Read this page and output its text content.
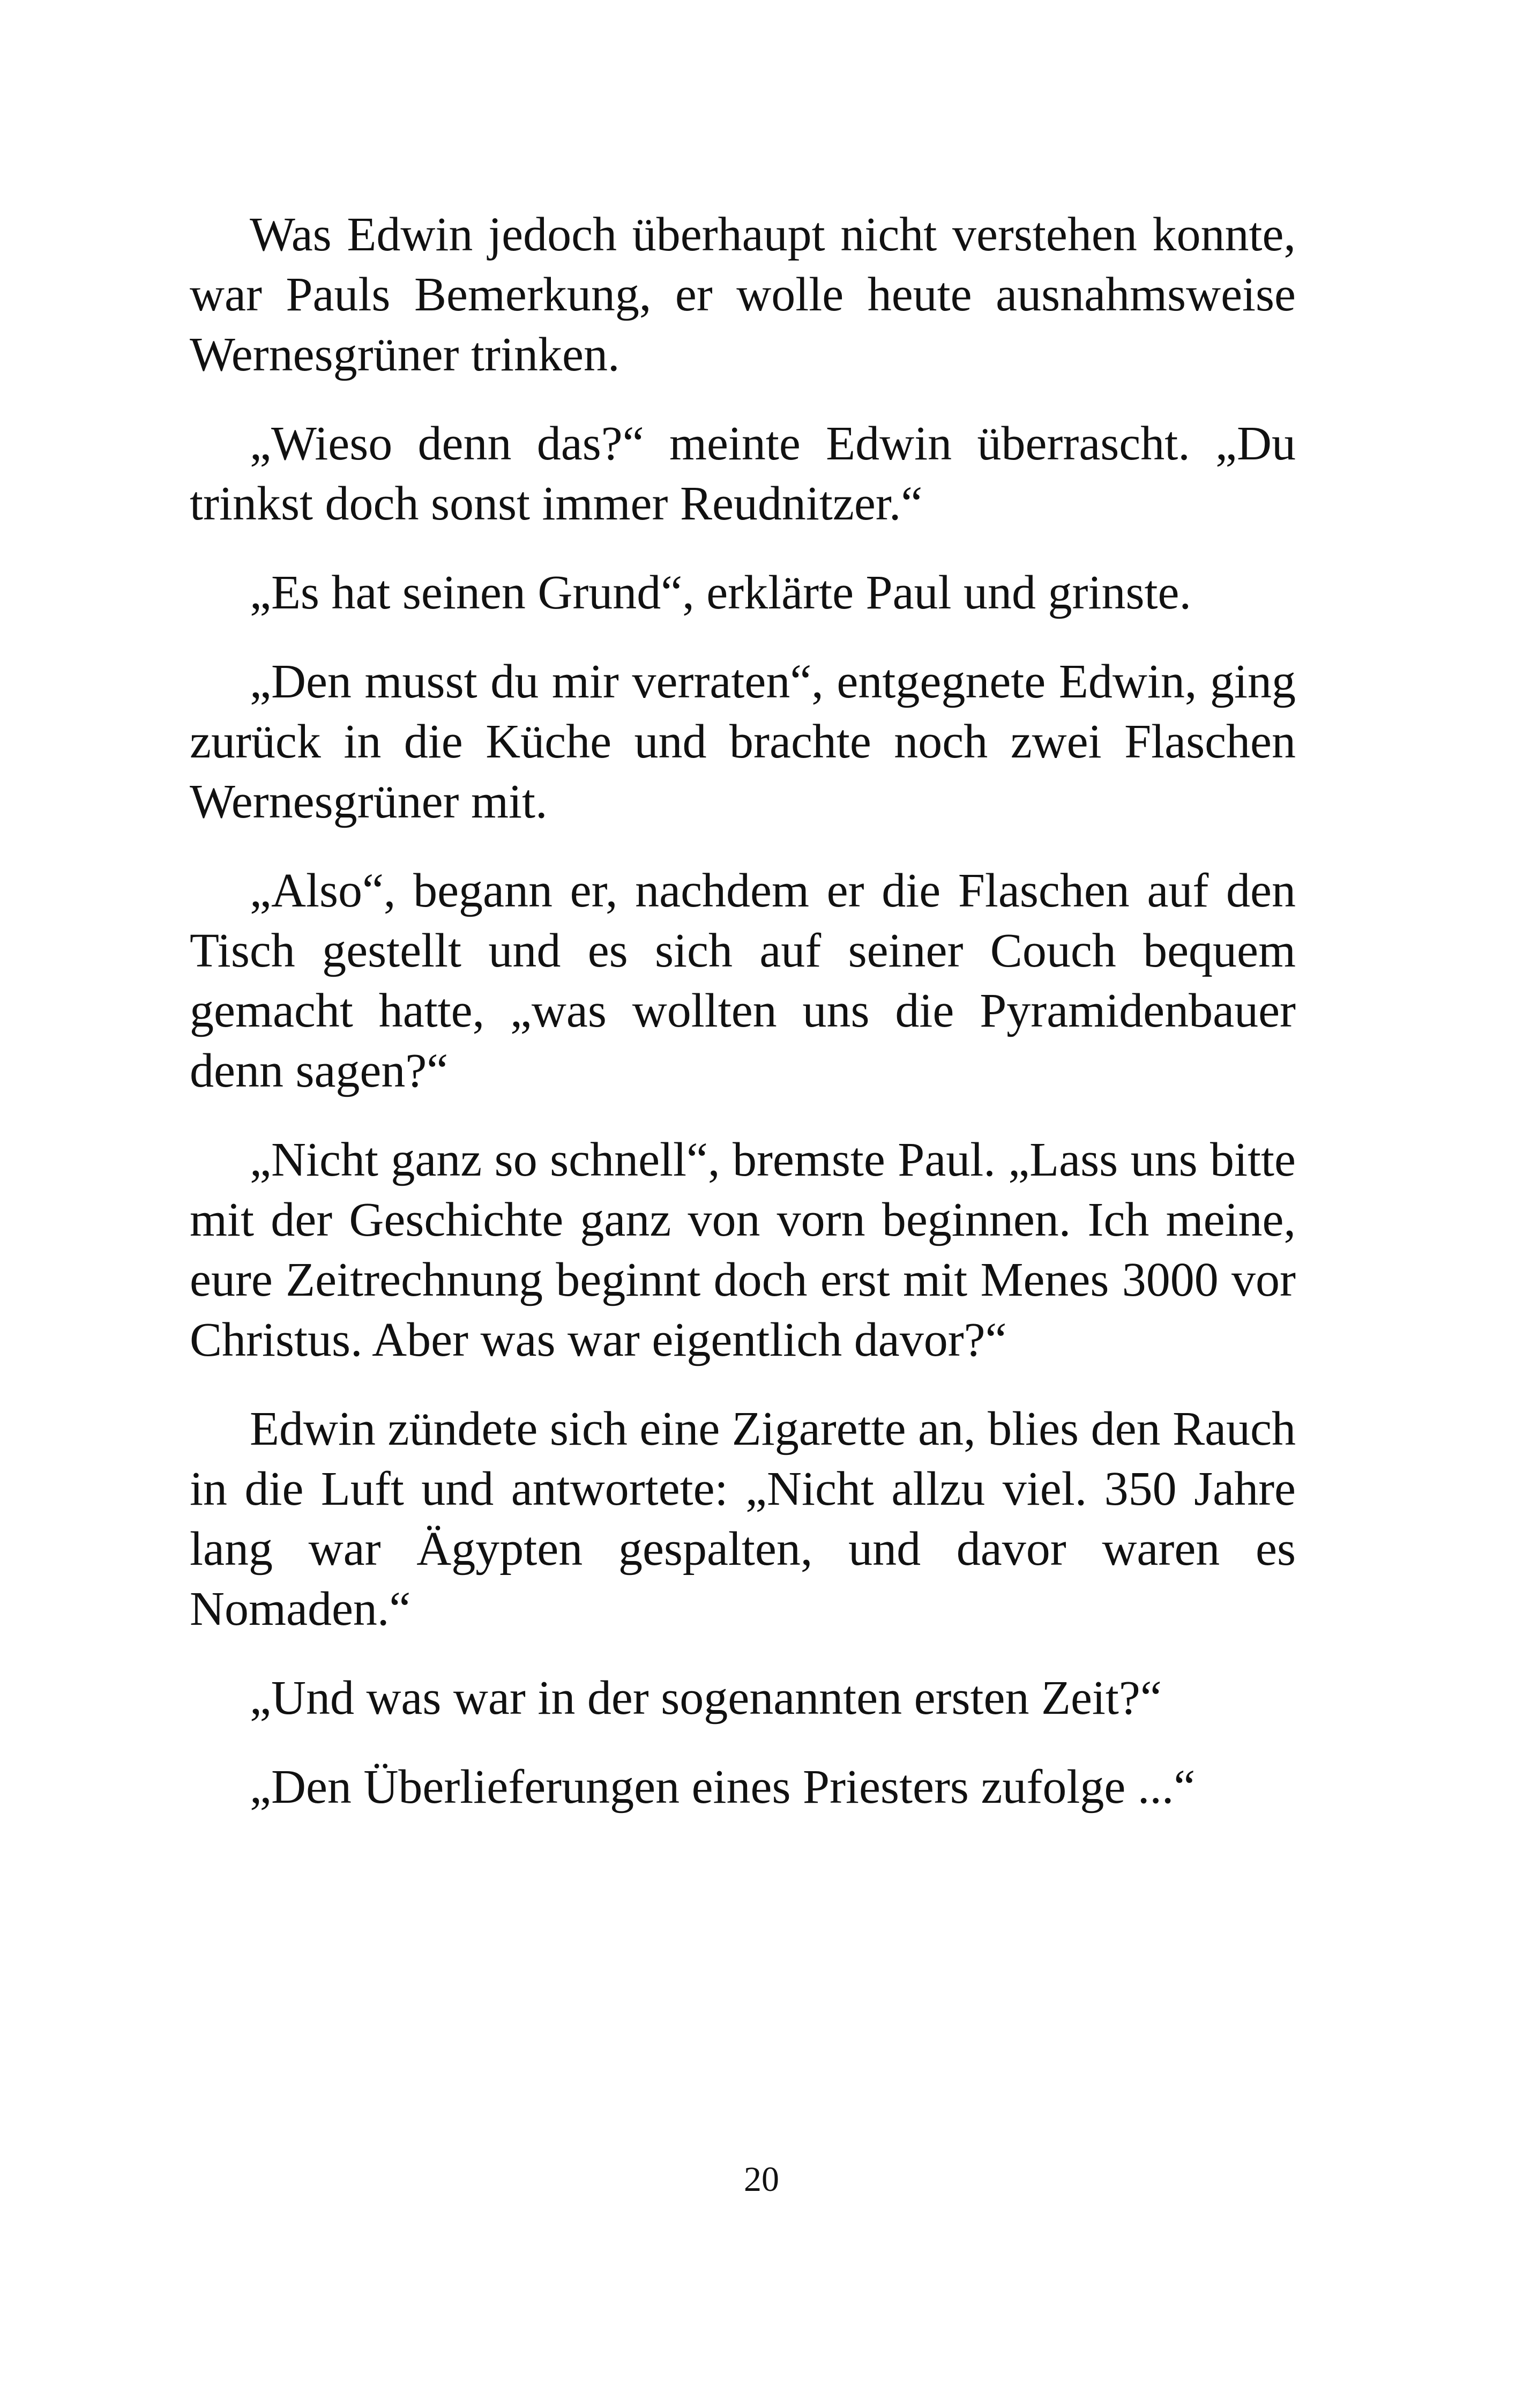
Was Edwin jedoch überhaupt nicht verstehen konnte, war Pauls Bemerkung, er wolle heute ausnahmsweise Wernesgrüner trinken.

„Wieso denn das?“ meinte Edwin überrascht. „Du trinkst doch sonst immer Reudnitzer.“

„Es hat seinen Grund“, erklärte Paul und grinste.

„Den musst du mir verraten“, entgegnete Edwin, ging zurück in die Küche und brachte noch zwei Flaschen Wernesgrüner mit.

„Also“, begann er, nachdem er die Flaschen auf den Tisch gestellt und es sich auf seiner Couch bequem gemacht hatte, „was wollten uns die Pyramidenbauer denn sagen?“

„Nicht ganz so schnell“, bremste Paul. „Lass uns bitte mit der Geschichte ganz von vorn beginnen. Ich meine, eure Zeitrechnung beginnt doch erst mit Menes 3000 vor Christus. Aber was war eigentlich davor?“

Edwin zündete sich eine Zigarette an, blies den Rauch in die Luft und antwortete: „Nicht allzu viel. 350 Jahre lang war Ägypten gespalten, und davor waren es Nomaden.“

„Und was war in der sogenannten ersten Zeit?“

„Den Überlieferungen eines Priesters zufolge ...“

20
